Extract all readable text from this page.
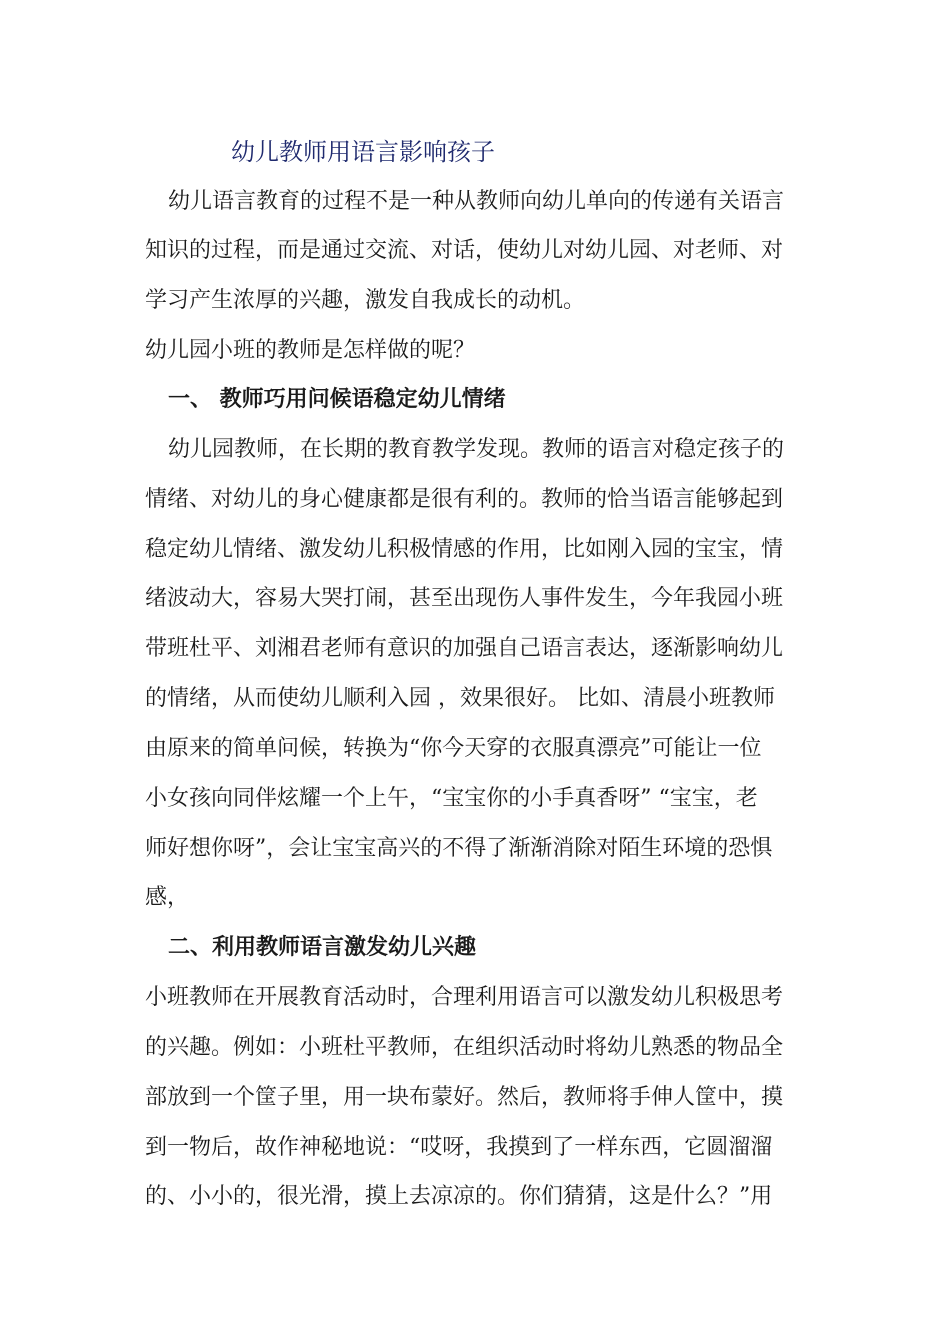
幼儿教师用语言影响孩子
幼儿语言教育的过程不是一种从教师向幼儿单向的传递有关语言
知识的过程，而是通过交流、对话，使幼儿对幼儿园、对老师、对
学习产生浓厚的兴趣，激发自我成长的动机。
幼儿园小班的教师是怎样做的呢？
一、 教师巧用问候语稳定幼儿情绪
幼儿园教师，在长期的教育教学发现。教师的语言对稳定孩子的
情绪、对幼儿的身心健康都是很有利的。教师的恰当语言能够起到
稳定幼儿情绪、激发幼儿积极情感的作用，比如刚入园的宝宝，情
绪波动大，容易大哭打闹，甚至出现伤人事件发生，今年我园小班
带班杜平、刘湘君老师有意识的加强自己语言表达，逐渐影响幼儿
的情绪，从而使幼儿顺利入园 ，效果很好。 比如、清晨小班教师
由原来的简单问候，转换为“你今天穿的衣服真漂亮”可能让一位
小女孩向同伴炫耀一个上午，“宝宝你的小手真香呀” “宝宝，老
师好想你呀”，会让宝宝高兴的不得了渐渐消除对陌生环境的恐惧
感，
二、利用教师语言激发幼儿兴趣
小班教师在开展教育活动时，合理利用语言可以激发幼儿积极思考
的兴趣。例如：小班杜平教师，在组织活动时将幼儿熟悉的物品全
部放到一个筐子里，用一块布蒙好。然后，教师将手伸人筐中，摸
到一物后，故作神秘地说：“哎呀，我摸到了一样东西，它圆溜溜
的、小小的，很光滑，摸上去凉凉的。你们猜猜，这是什么？”用
